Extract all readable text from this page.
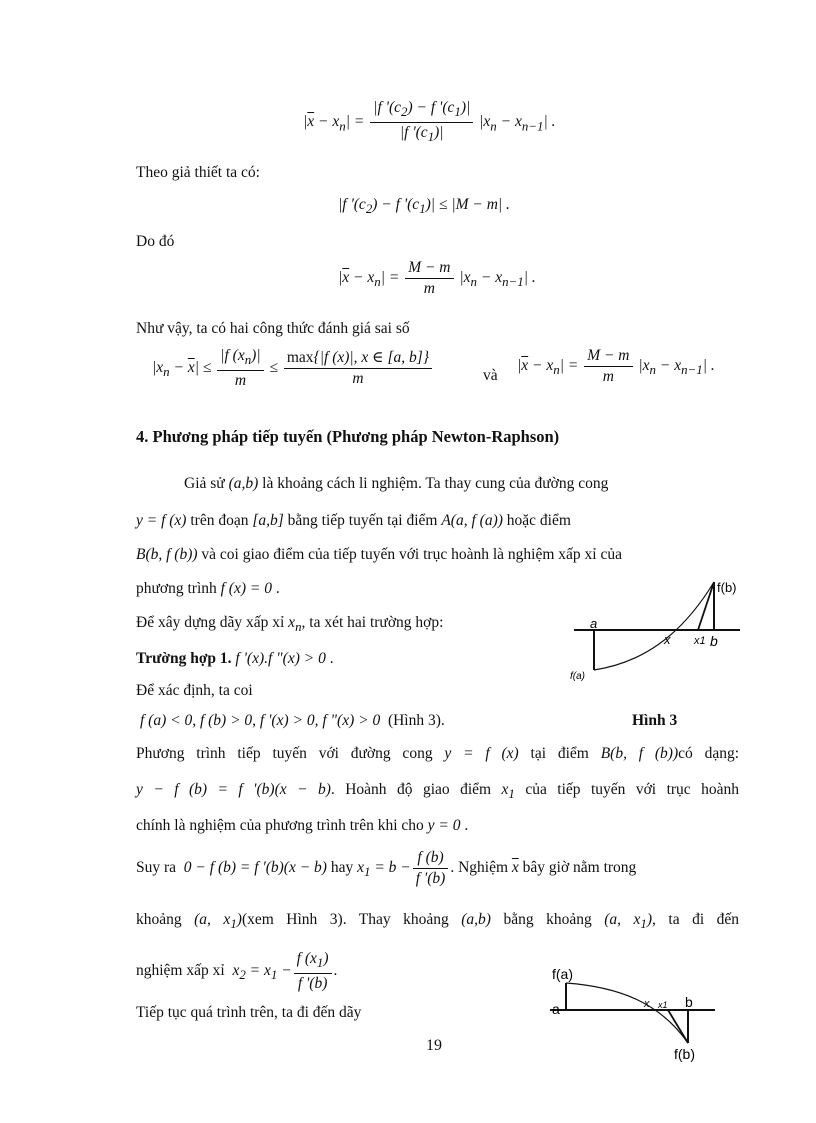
$|\overline{x} - x_n| = \frac{|f '(c_2) - f '(c_1)|}{|f '(c_1)|} |x_n - x_{n-1}|$ .
Theo giả thiết ta có:
|f '$(c_2) - f$ '$(c_1)| \le |M - m|$ .
Do đó
$|\overline{x} - x_n| = \frac{M - m}{m} |x_n - x_{n-1}|$ .
Như vậy, ta có hai công thức đánh giá sai số
$|x_n - \overline{x}| \le \frac{|f (x_n)|}{m} \le \frac{\max\{|f (x)|, x \in [a, b]\}}{m}$	và
$|\overline{x} - x_n| = \frac{M - m}{m} |x_n - x_{n-1}|$ .
4. Phương pháp tiếp tuyến (Phương pháp Newton-Raphson)
Giả sử (a,b) là khoảng cách li nghiệm. Ta thay cung của đường cong
y = f (x) trên đoạn [a,b] bằng tiếp tuyến tại điểm A(a, f (a)) hoặc điểm
B(b, f (b)) và coi giao điểm của tiếp tuyến với trục hoành là nghiệm xấp xỉ của
phương trình f (x) = 0 .
Để xây dựng dãy xấp xỉ $x_n$, ta xét hai trường hợp:
Trường hợp 1. f '(x).f "(x) > 0 .
Để xác định, ta coi
f (a) < 0, f (b) > 0, f '(x) > 0, f "(x) > 0 (Hình 3).	Hình 3
Phương trình tiếp tuyến với đường cong y = f (x) tại điểm B(b, f (b))có dạng:
y − f (b) = f '(b)(x − b). Hoành độ giao điểm $x_1$ của tiếp tuyến với trục hoành
chính là nghiệm của phương trình trên khi cho y = 0 .
Suy ra 0 − f (b) = f '(b)(x − b) hay $x_1 = b - \frac{f (b)}{f '(b)}$ . Nghiệm $\overline{x}$ bây giờ nằm trong
khoảng (a, $x_1)(xem$ Hình 3). Thay khoảng (a,b) bằng khoảng (a, $x_1$), ta đi đến
nghiệm xấp xỉ $x_2 = x_1 - \frac{f (x_1)}{f '(b)}$ .
Tiếp tục quá trình trên, ta đi đến dãy
19
f(b)
a
x x1 b
f(a)
f(a)
a	x x1 b
f(b)
